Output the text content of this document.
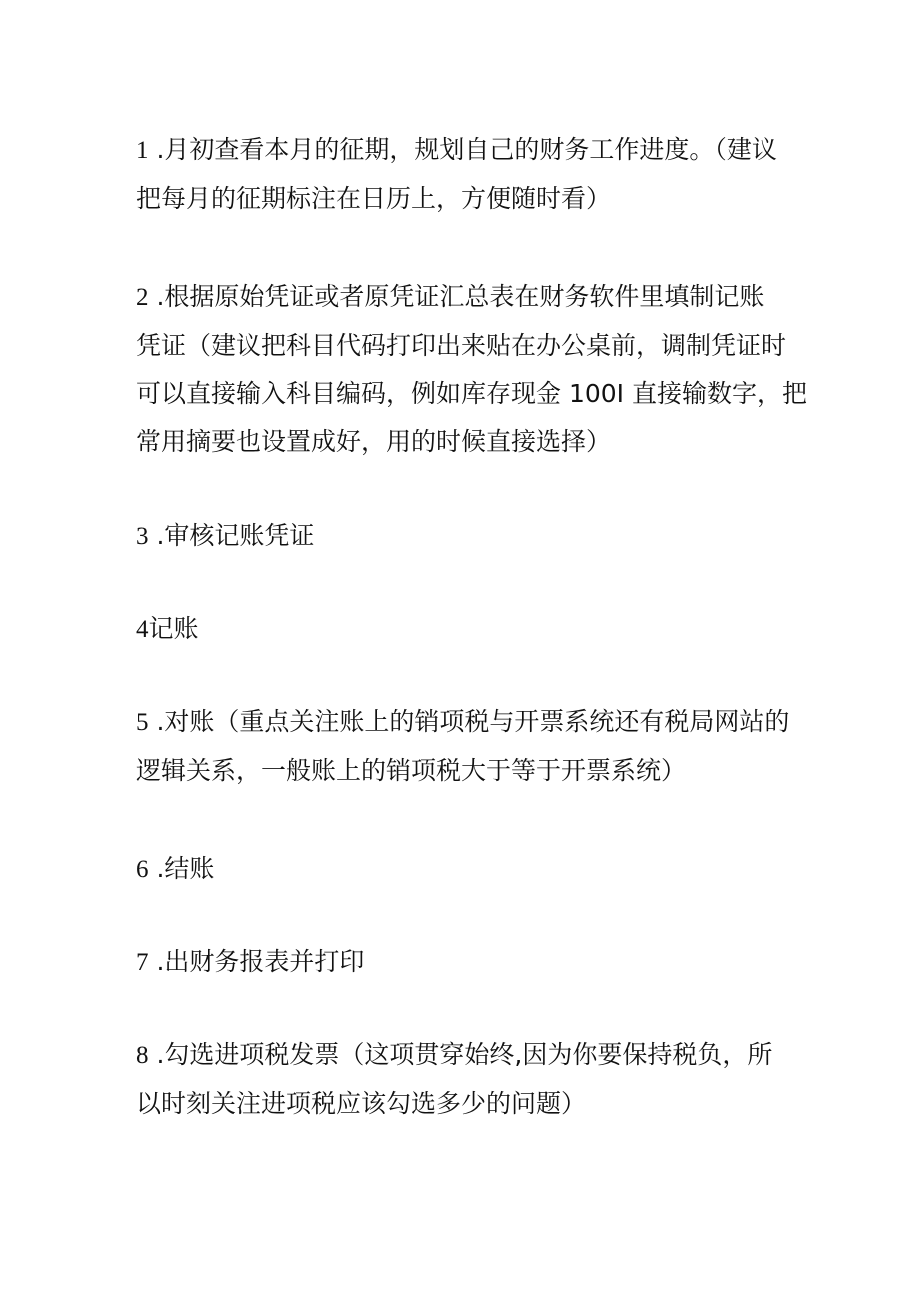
1 .月初查看本月的征期，规划自己的财务工作进度。（建议
把每月的征期标注在日历上，方便随时看）
2 .根据原始凭证或者原凭证汇总表在财务软件里填制记账
凭证（建议把科目代码打印出来贴在办公桌前，调制凭证时
可以直接输入科目编码，例如库存现金 100I 直接输数字，把
常用摘要也设置成好，用的时候直接选择）
3 .审核记账凭证
4记账
5 .对账（重点关注账上的销项税与开票系统还有税局网站的
逻辑关系，一般账上的销项税大于等于开票系统）
6 .结账
7 .出财务报表并打印
8 .勾选进项税发票（这项贯穿始终,因为你要保持税负，所
以时刻关注进项税应该勾选多少的问题）
